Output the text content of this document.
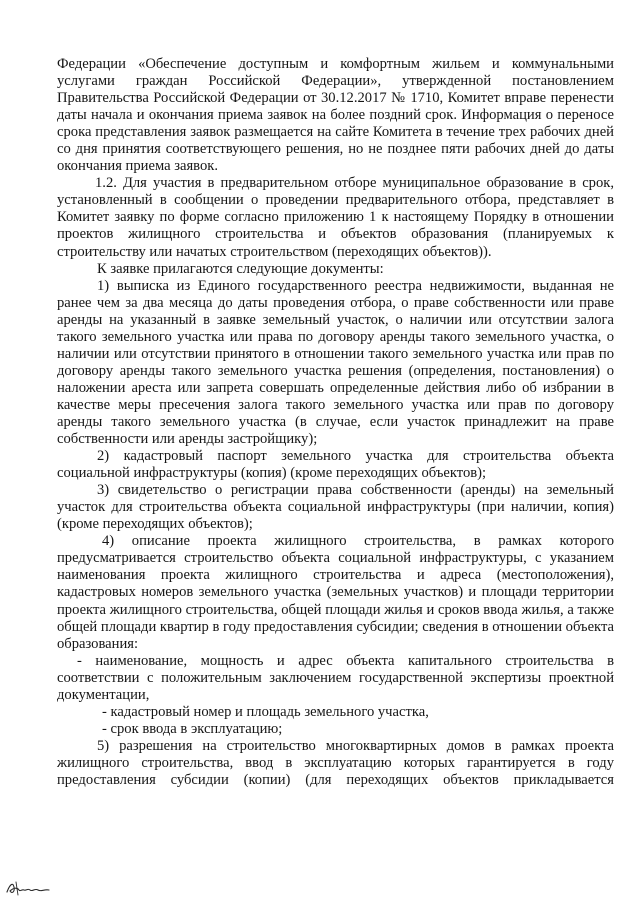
Федерации «Обеспечение доступным и комфортным жильем и коммунальными услугами граждан Российской Федерации», утвержденной постановлением Правительства Российской Федерации от 30.12.2017 № 1710, Комитет вправе перенести даты начала и окончания приема заявок на более поздний срок. Информация о переносе срока представления заявок размещается на сайте Комитета в течение трех рабочих дней со дня принятия соответствующего решения, но не позднее пяти рабочих дней до даты окончания приема заявок.

1.2. Для участия в предварительном отборе муниципальное образование в срок, установленный в сообщении о проведении предварительного отбора, представляет в Комитет заявку по форме согласно приложению 1 к настоящему Порядку в отношении проектов жилищного строительства и объектов образования (планируемых к строительству или начатых строительством (переходящих объектов)).

К заявке прилагаются следующие документы:

1) выписка из Единого государственного реестра недвижимости, выданная не ранее чем за два месяца до даты проведения отбора, о праве собственности или праве аренды на указанный в заявке земельный участок, о наличии или отсутствии залога такого земельного участка или права по договору аренды такого земельного участка, о наличии или отсутствии принятого в отношении такого земельного участка или прав по договору аренды такого земельного участка решения (определения, постановления) о наложении ареста или запрета совершать определенные действия либо об избрании в качестве меры пресечения залога такого земельного участка или прав по договору аренды такого земельного участка (в случае, если участок принадлежит на праве собственности или аренды застройщику);

2) кадастровый паспорт земельного участка для строительства объекта социальной инфраструктуры (копия) (кроме переходящих объектов);

3) свидетельство о регистрации права собственности (аренды) на земельный участок для строительства объекта социальной инфраструктуры (при наличии, копия) (кроме переходящих объектов);

4) описание проекта жилищного строительства, в рамках которого предусматривается строительство объекта социальной инфраструктуры, с указанием наименования проекта жилищного строительства и адреса (местоположения), кадастровых номеров земельного участка (земельных участков) и площади территории проекта жилищного строительства, общей площади жилья и сроков ввода жилья, а также общей площади квартир в году предоставления субсидии; сведения в отношении объекта образования:

- наименование, мощность и адрес объекта капитального строительства в соответствии с положительным заключением государственной экспертизы проектной документации,

- кадастровый номер и площадь земельного участка,

- срок ввода в эксплуатацию;

5) разрешения на строительство многоквартирных домов в рамках проекта жилищного строительства, ввод в эксплуатацию которых гарантируется в году предоставления субсидии (копии) (для переходящих объектов прикладывается
